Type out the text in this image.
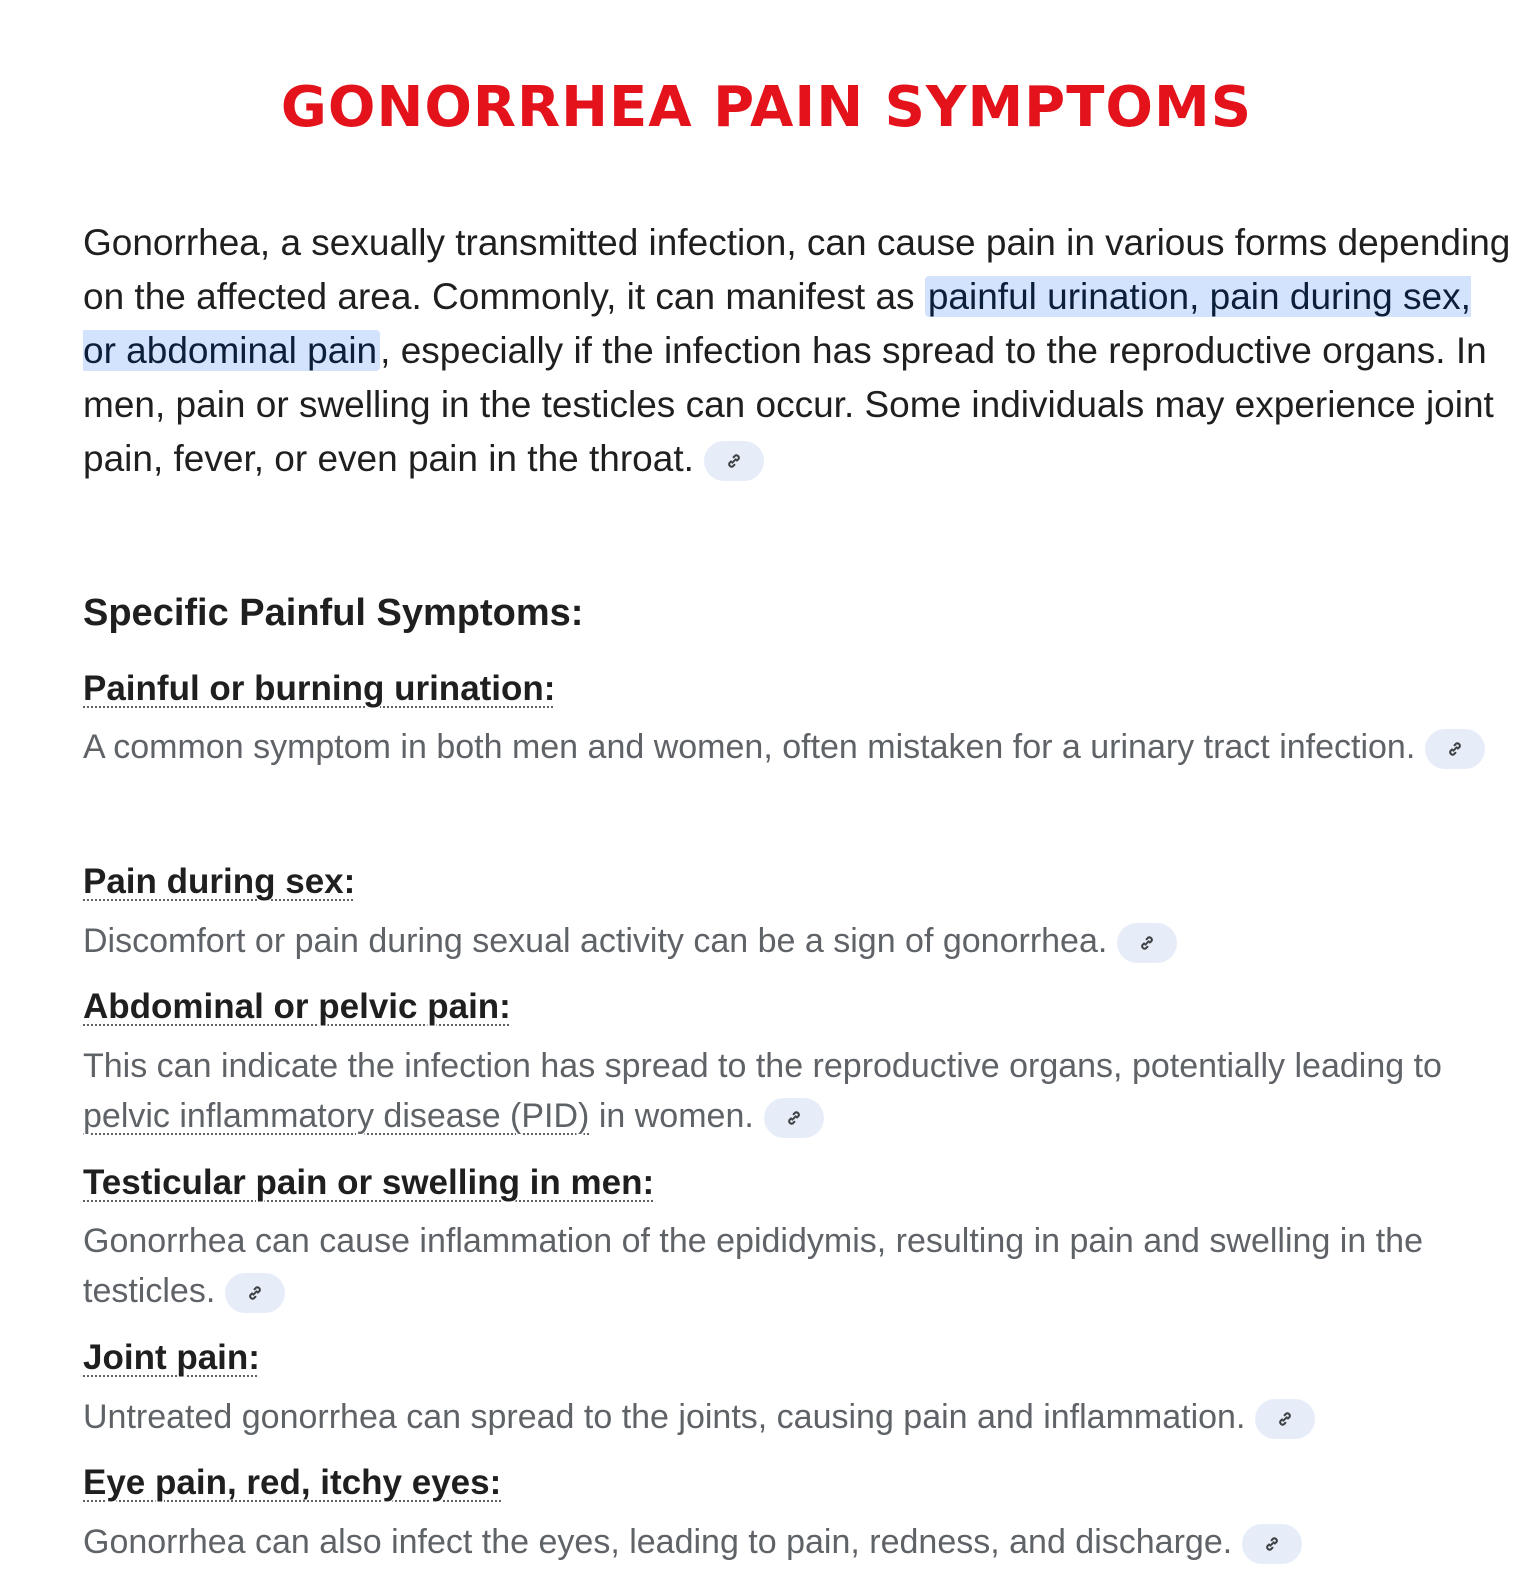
GONORRHEA PAIN SYMPTOMS

Gonorrhea, a sexually transmitted infection, can cause pain in various forms depending on the affected area. Commonly, it can manifest as painful urination, pain during sex, or abdominal pain, especially if the infection has spread to the reproductive organs. In men, pain or swelling in the testicles can occur. Some individuals may experience joint pain, fever, or even pain in the throat.

Specific Painful Symptoms:
Painful or burning urination:

A common symptom in both men and women, often mistaken for a urinary tract infection.

Pain during sex:

Discomfort or pain during sexual activity can be a sign of gonorrhea.

Abdominal or pelvic pain:

This can indicate the infection has spread to the reproductive organs, potentially leading to pelvic inflammatory disease (PID) in women.

Testicular pain or swelling in men:

Gonorrhea can cause inflammation of the epididymis, resulting in pain and swelling in the testicles.

Joint pain:

Untreated gonorrhea can spread to the joints, causing pain and inflammation.

Eye pain, red, itchy eyes:

Gonorrhea can also infect the eyes, leading to pain, redness, and discharge.
